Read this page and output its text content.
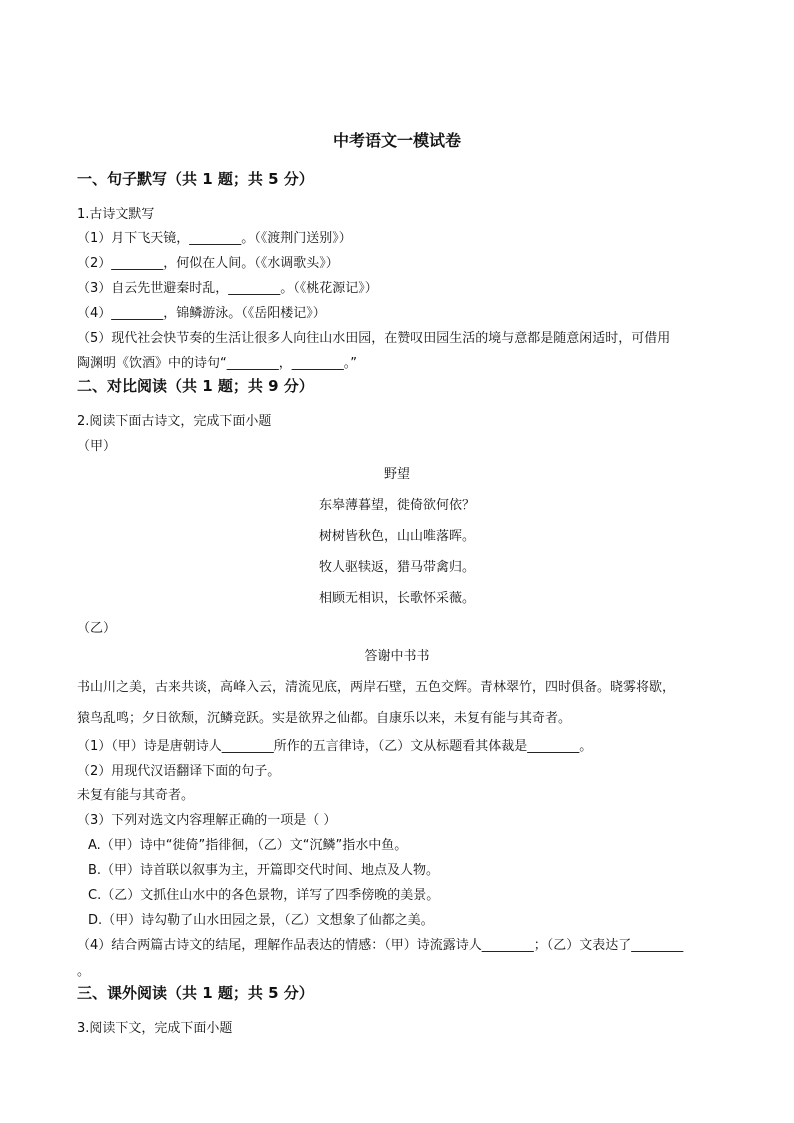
中考语文一模试卷
一、句子默写（共 1 题；共 5 分）
1.古诗文默写
（1）月下飞天镜，________。（《渡荆门送别》）
（2）________，何似在人间。（《水调歌头》）
（3）自云先世避秦时乱，________。（《桃花源记》）
（4）________，锦鳞游泳。（《岳阳楼记》）
（5）现代社会快节奏的生活让很多人向往山水田园，在赞叹田园生活的境与意都是随意闲适时，可借用
陶渊明《饮酒》中的诗句“________，________。”
二、对比阅读（共 1 题；共 9 分）
2.阅读下面古诗文，完成下面小题
（甲）
野望
东皋薄暮望，徙倚欲何依？
树树皆秋色，山山唯落晖。
牧人驱犊返，猎马带禽归。
相顾无相识，长歌怀采薇。
（乙）
答谢中书书
书山川之美，古来共谈，高峰入云，清流见底，两岸石壁，五色交辉。青林翠竹，四时俱备。晓雾将歇，
猿鸟乱鸣；夕日欲颓，沉鳞竞跃。实是欲界之仙都。自康乐以来，未复有能与其奇者。
（1）（甲）诗是唐朝诗人________所作的五言律诗，（乙）文从标题看其体裁是________。
（2）用现代汉语翻译下面的句子。
未复有能与其奇者。
（3）下列对选文内容理解正确的一项是（ ）
A.（甲）诗中“徙倚”指徘徊，（乙）文“沉鳞”指水中鱼。
B.（甲）诗首联以叙事为主，开篇即交代时间、地点及人物。
C.（乙）文抓住山水中的各色景物，详写了四季傍晚的美景。
D.（甲）诗勾勒了山水田园之景，（乙）文想象了仙都之美。
（4）结合两篇古诗文的结尾，理解作品表达的情感：（甲）诗流露诗人________；（乙）文表达了________
。
三、课外阅读（共 1 题；共 5 分）
3.阅读下文，完成下面小题
